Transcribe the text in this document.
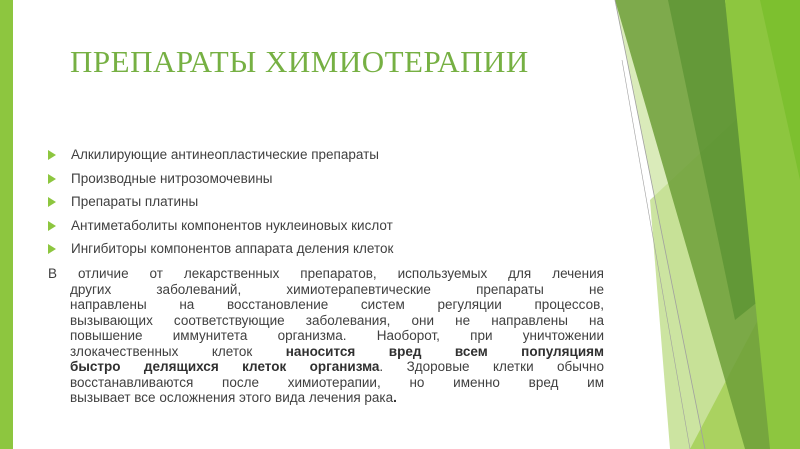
ПРЕПАРАТЫ ХИМИОТЕРАПИИ
Алкилирующие антинеопластические препараты
Производные нитрозомочевины
Препараты платины
Антиметаболиты компонентов нуклеиновых кислот
Ингибиторы компонентов аппарата деления клеток
В отличие от лекарственных препаратов, используемых для лечения
других заболеваний, химиотерапевтические препараты не
направлены на восстановление систем регуляции процессов,
вызывающих соответствующие заболевания, они не направлены на
повышение иммунитета организма. Наоборот, при уничтожении
злокачественных клеток наносится вред всем популяциям
быстро делящихся клеток организма. Здоровые клетки обычно
восстанавливаются после химиотерапии, но именно вред им
вызывает все осложнения этого вида лечения рака.
